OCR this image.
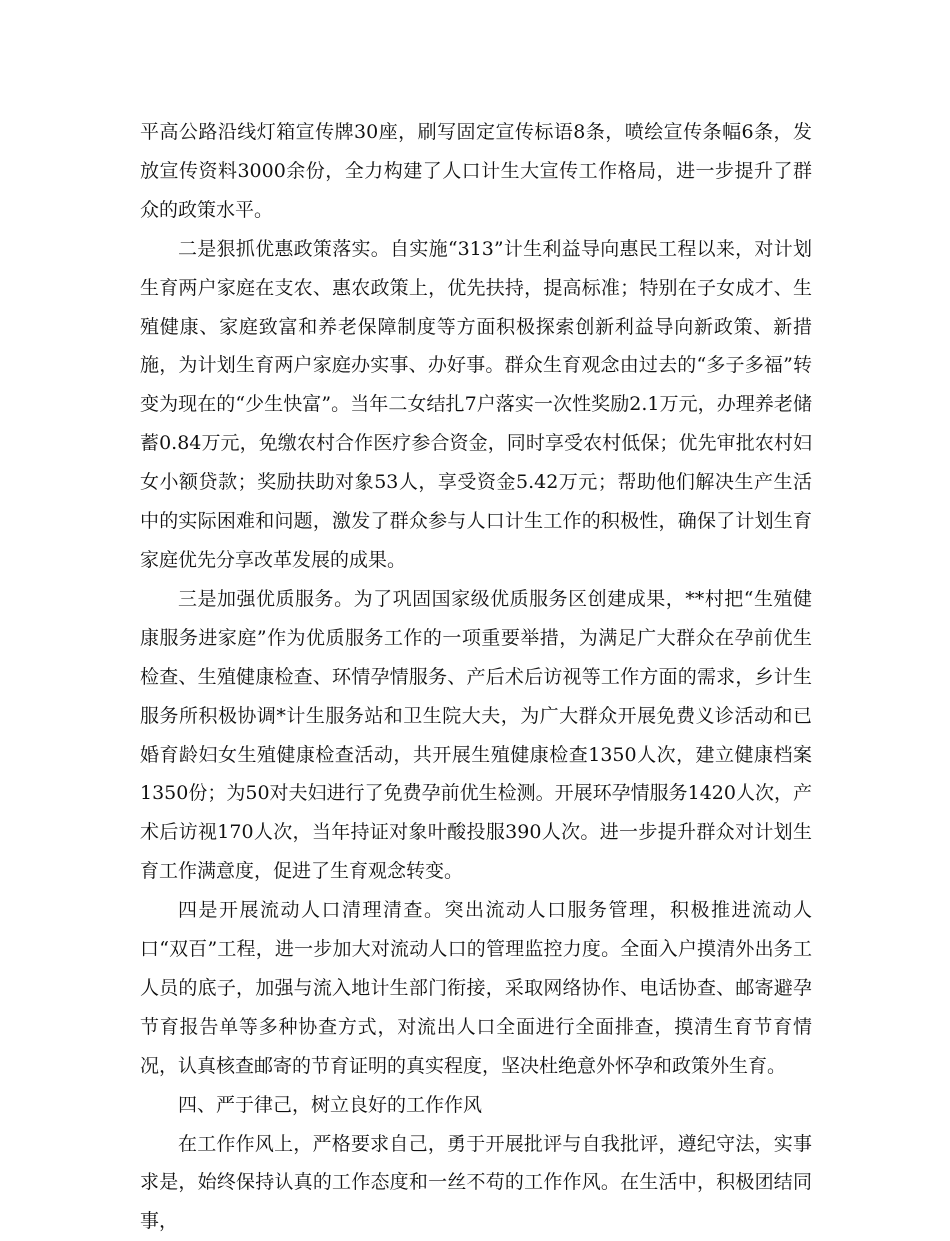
平高公路沿线灯箱宣传牌30座，刷写固定宣传标语8条，喷绘宣传条幅6条，发放宣传资料3000余份，全力构建了人口计生大宣传工作格局，进一步提升了群众的政策水平。

二是狠抓优惠政策落实。自实施“313”计生利益导向惠民工程以来，对计划生育两户家庭在支农、惠农政策上，优先扶持，提高标准；特别在子女成才、生殖健康、家庭致富和养老保障制度等方面积极探索创新利益导向新政策、新措施，为计划生育两户家庭办实事、办好事。群众生育观念由过去的“多子多福”转变为现在的“少生快富”。当年二女结扎7户落实一次性奖励2.1万元，办理养老储蓄0.84万元，免缴农村合作医疗参合资金，同时享受农村低保；优先审批农村妇女小额贷款；奖励扶助对象53人，享受资金5.42万元；帮助他们解决生产生活中的实际困难和问题，激发了群众参与人口计生工作的积极性，确保了计划生育家庭优先分享改革发展的成果。

三是加强优质服务。为了巩固国家级优质服务区创建成果，**村把“生殖健康服务进家庭”作为优质服务工作的一项重要举措，为满足广大群众在孕前优生检查、生殖健康检查、环情孕情服务、产后术后访视等工作方面的需求，乡计生服务所积极协调*计生服务站和卫生院大夫，为广大群众开展免费义诊活动和已婚育龄妇女生殖健康检查活动，共开展生殖健康检查1350人次，建立健康档案1350份；为50对夫妇进行了免费孕前优生检测。开展环孕情服务1420人次，产术后访视170人次，当年持证对象叶酸投服390人次。进一步提升群众对计划生育工作满意度，促进了生育观念转变。

四是开展流动人口清理清查。突出流动人口服务管理，积极推进流动人口“双百”工程，进一步加大对流动人口的管理监控力度。全面入户摸清外出务工人员的底子，加强与流入地计生部门衔接，采取网络协作、电话协查、邮寄避孕节育报告单等多种协查方式，对流出人口全面进行全面排查，摸清生育节育情况，认真核查邮寄的节育证明的真实程度，坚决杜绝意外怀孕和政策外生育。

四、严于律己，树立良好的工作作风

在工作作风上，严格要求自己，勇于开展批评与自我批评，遵纪守法，实事求是，始终保持认真的工作态度和一丝不苟的工作作风。在生活中，积极团结同事，
